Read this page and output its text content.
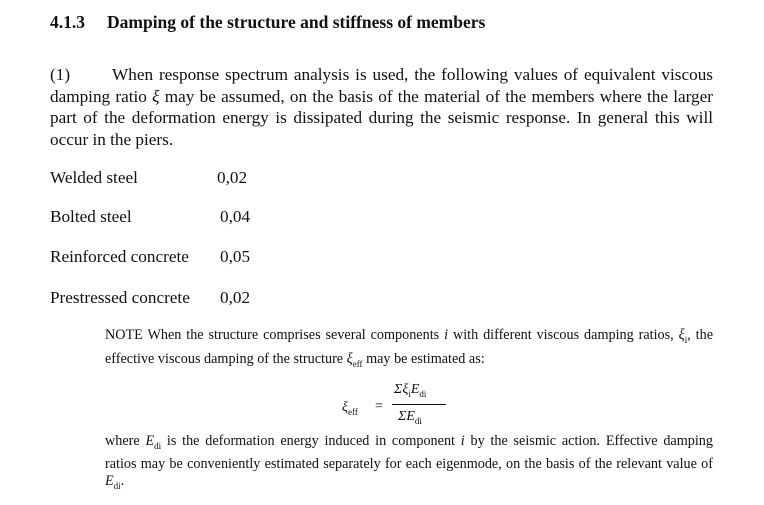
4.1.3 Damping of the structure and stiffness of members
(1) When response spectrum analysis is used, the following values of equivalent viscous damping ratio ξ may be assumed, on the basis of the material of the members where the larger part of the deformation energy is dissipated during the seismic response. In general this will occur in the piers.
Welded steel	0,02
Bolted steel	0,04
Reinforced concrete 0,05
Prestressed concrete 0,02
NOTE When the structure comprises several components i with different viscous damping ratios, $\xi_i$, the effective viscous damping of the structure $\xi_{eff}$ may be estimated as:
$\xi_{eff}$ =
$\Sigma\xi_iE_{di}$
$\Sigma E_{di}$
where $E_{di}$ is the deformation energy induced in component i by the seismic action. Effective damping ratios may be conveniently estimated separately for each eigenmode, on the basis of the relevant value of $E_{di}$.
